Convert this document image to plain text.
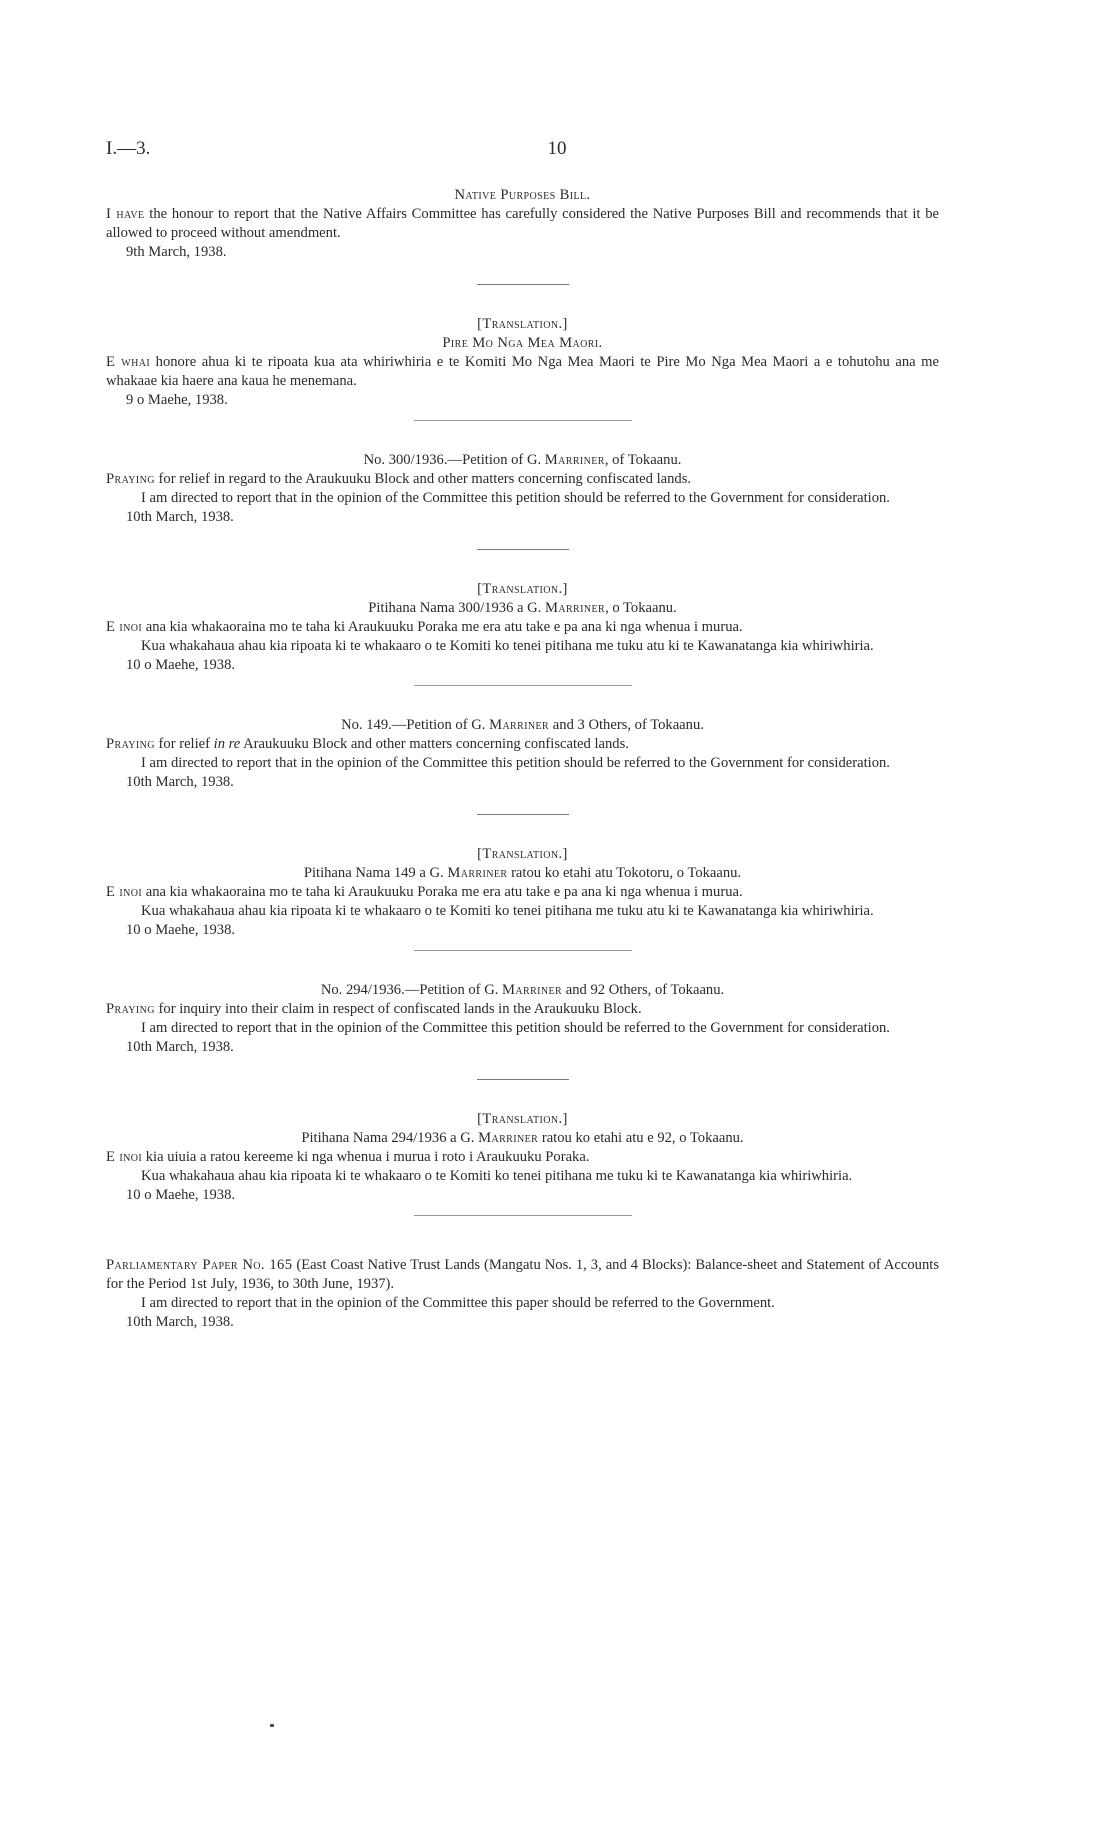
I.—3.	10

Native Purposes Bill.

I have the honour to report that the Native Affairs Committee has carefully considered the Native Purposes Bill and recommends that it be allowed to proceed without amendment.

9th March, 1938.

[Translation.]

Pire Mo Nga Mea Maori.

E whai honore ahua ki te ripoata kua ata whiriwhiria e te Komiti Mo Nga Mea Maori te Pire Mo Nga Mea Maori a e tohutohu ana me whakaae kia haere ana kaua he menemana.

9 o Maehe, 1938.

No. 300/1936.—Petition of G. Marriner, of Tokaanu.

Praying for relief in regard to the Araukuuku Block and other matters concerning confiscated lands.

I am directed to report that in the opinion of the Committee this petition should be referred to the Government for consideration.

10th March, 1938.

[Translation.]

Pitihana Nama 300/1936 a G. Marriner, o Tokaanu.

E inoi ana kia whakaoraina mo te taha ki Araukuuku Poraka me era atu take e pa ana ki nga whenua i murua.

Kua whakahaua ahau kia ripoata ki te whakaaro o te Komiti ko tenei pitihana me tuku atu ki te Kawanatanga kia whiriwhiria.

10 o Maehe, 1938.

No. 149.—Petition of G. Marriner and 3 Others, of Tokaanu.

Praying for relief in re Araukuuku Block and other matters concerning confiscated lands.

I am directed to report that in the opinion of the Committee this petition should be referred to the Government for consideration.

10th March, 1938.

[Translation.]

Pitihana Nama 149 a G. Marriner ratou ko etahi atu Tokotoru, o Tokaanu.

E inoi ana kia whakaoraina mo te taha ki Araukuuku Poraka me era atu take e pa ana ki nga whenua i murua.

Kua whakahaua ahau kia ripoata ki te whakaaro o te Komiti ko tenei pitihana me tuku atu ki te Kawanatanga kia whiriwhiria.

10 o Maehe, 1938.

No. 294/1936.—Petition of G. Marriner and 92 Others, of Tokaanu.

Praying for inquiry into their claim in respect of confiscated lands in the Araukuuku Block.

I am directed to report that in the opinion of the Committee this petition should be referred to the Government for consideration.

10th March, 1938.

[Translation.]

Pitihana Nama 294/1936 a G. Marriner ratou ko etahi atu e 92, o Tokaanu.

E inoi kia uiuia a ratou kereeme ki nga whenua i murua i roto i Araukuuku Poraka.

Kua whakahaua ahau kia ripoata ki te whakaaro o te Komiti ko tenei pitihana me tuku ki te Kawanatanga kia whiriwhiria.

10 o Maehe, 1938.

Parliamentary Paper No. 165 (East Coast Native Trust Lands (Mangatu Nos. 1, 3, and 4 Blocks): Balance-sheet and Statement of Accounts for the Period 1st July, 1936, to 30th June, 1937).

I am directed to report that in the opinion of the Committee this paper should be referred to the Government.

10th March, 1938.
